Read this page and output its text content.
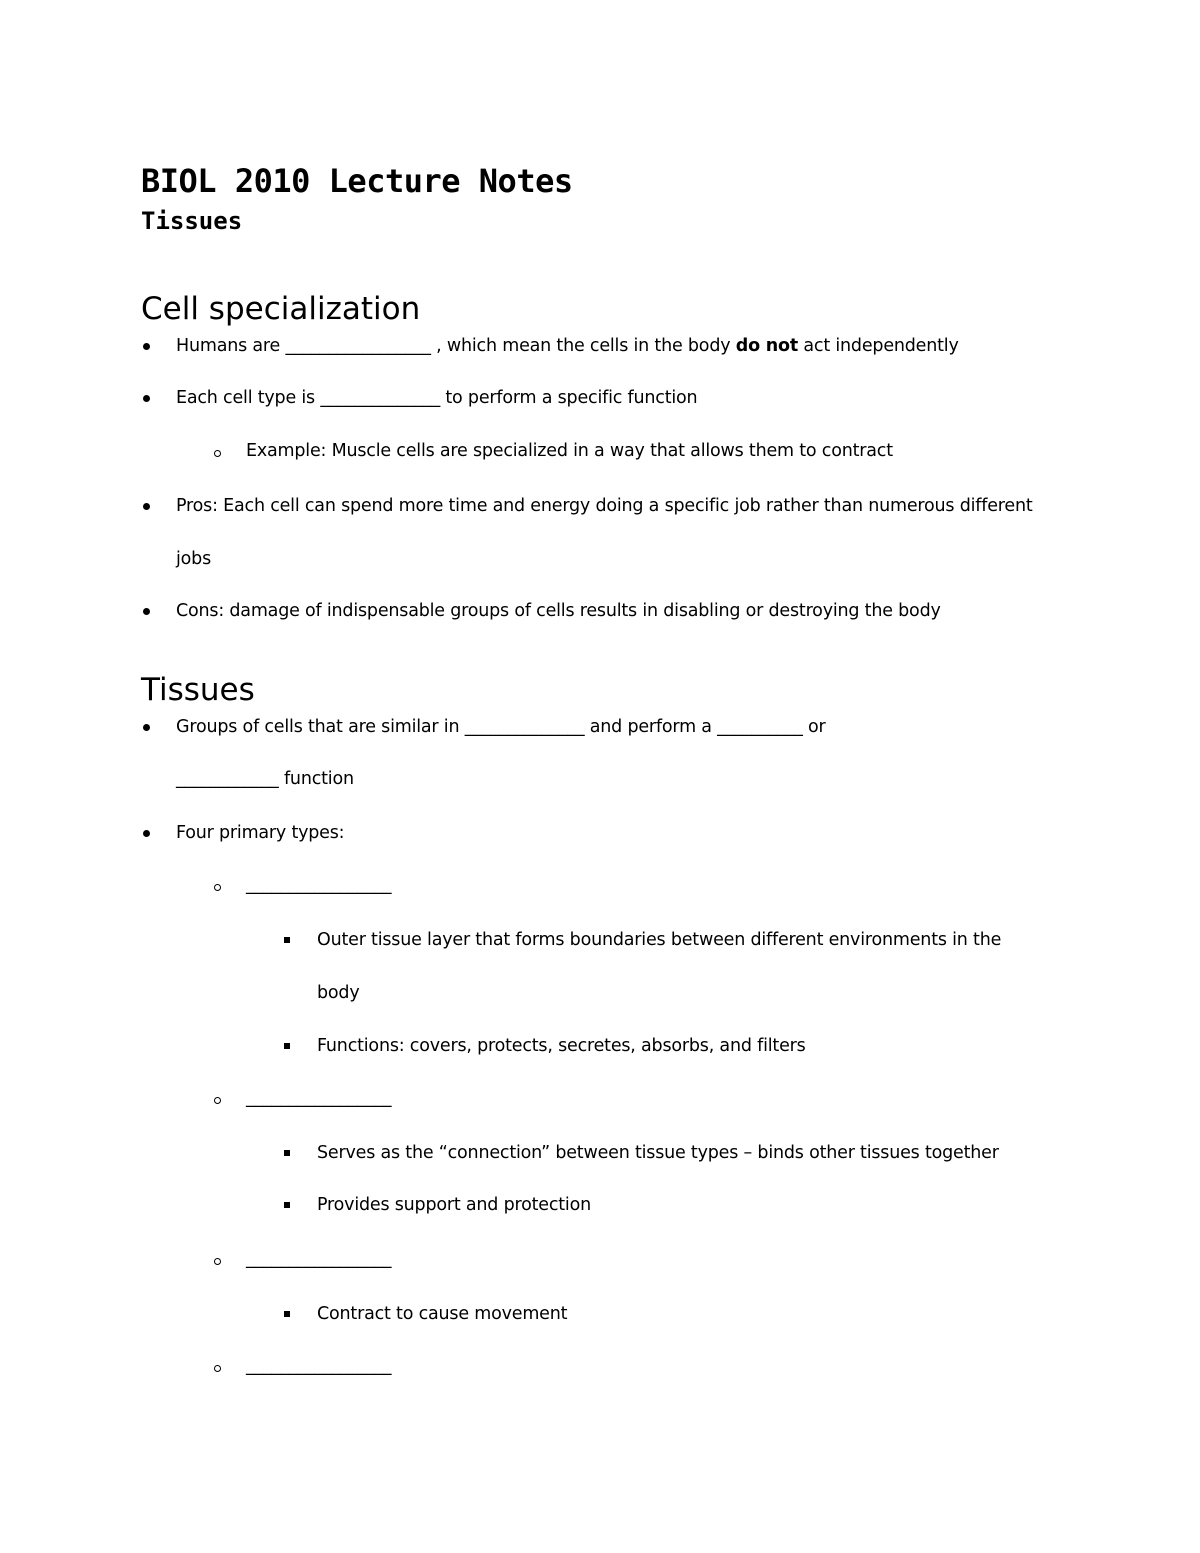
BIOL 2010 Lecture Notes
Tissues
Cell specialization
Humans are _________________ , which mean the cells in the body do not act independently
Each cell type is ______________ to perform a specific function
Example: Muscle cells are specialized in a way that allows them to contract
Pros: Each cell can spend more time and energy doing a specific job rather than numerous different
jobs
Cons: damage of indispensable groups of cells results in disabling or destroying the body
Tissues
Groups of cells that are similar in ______________ and perform a __________ or
____________ function
Four primary types:
_________________
Outer tissue layer that forms boundaries between different environments in the
body
Functions: covers, protects, secretes, absorbs, and filters
_________________
Serves as the “connection” between tissue types – binds other tissues together
Provides support and protection
_________________
Contract to cause movement
_________________
